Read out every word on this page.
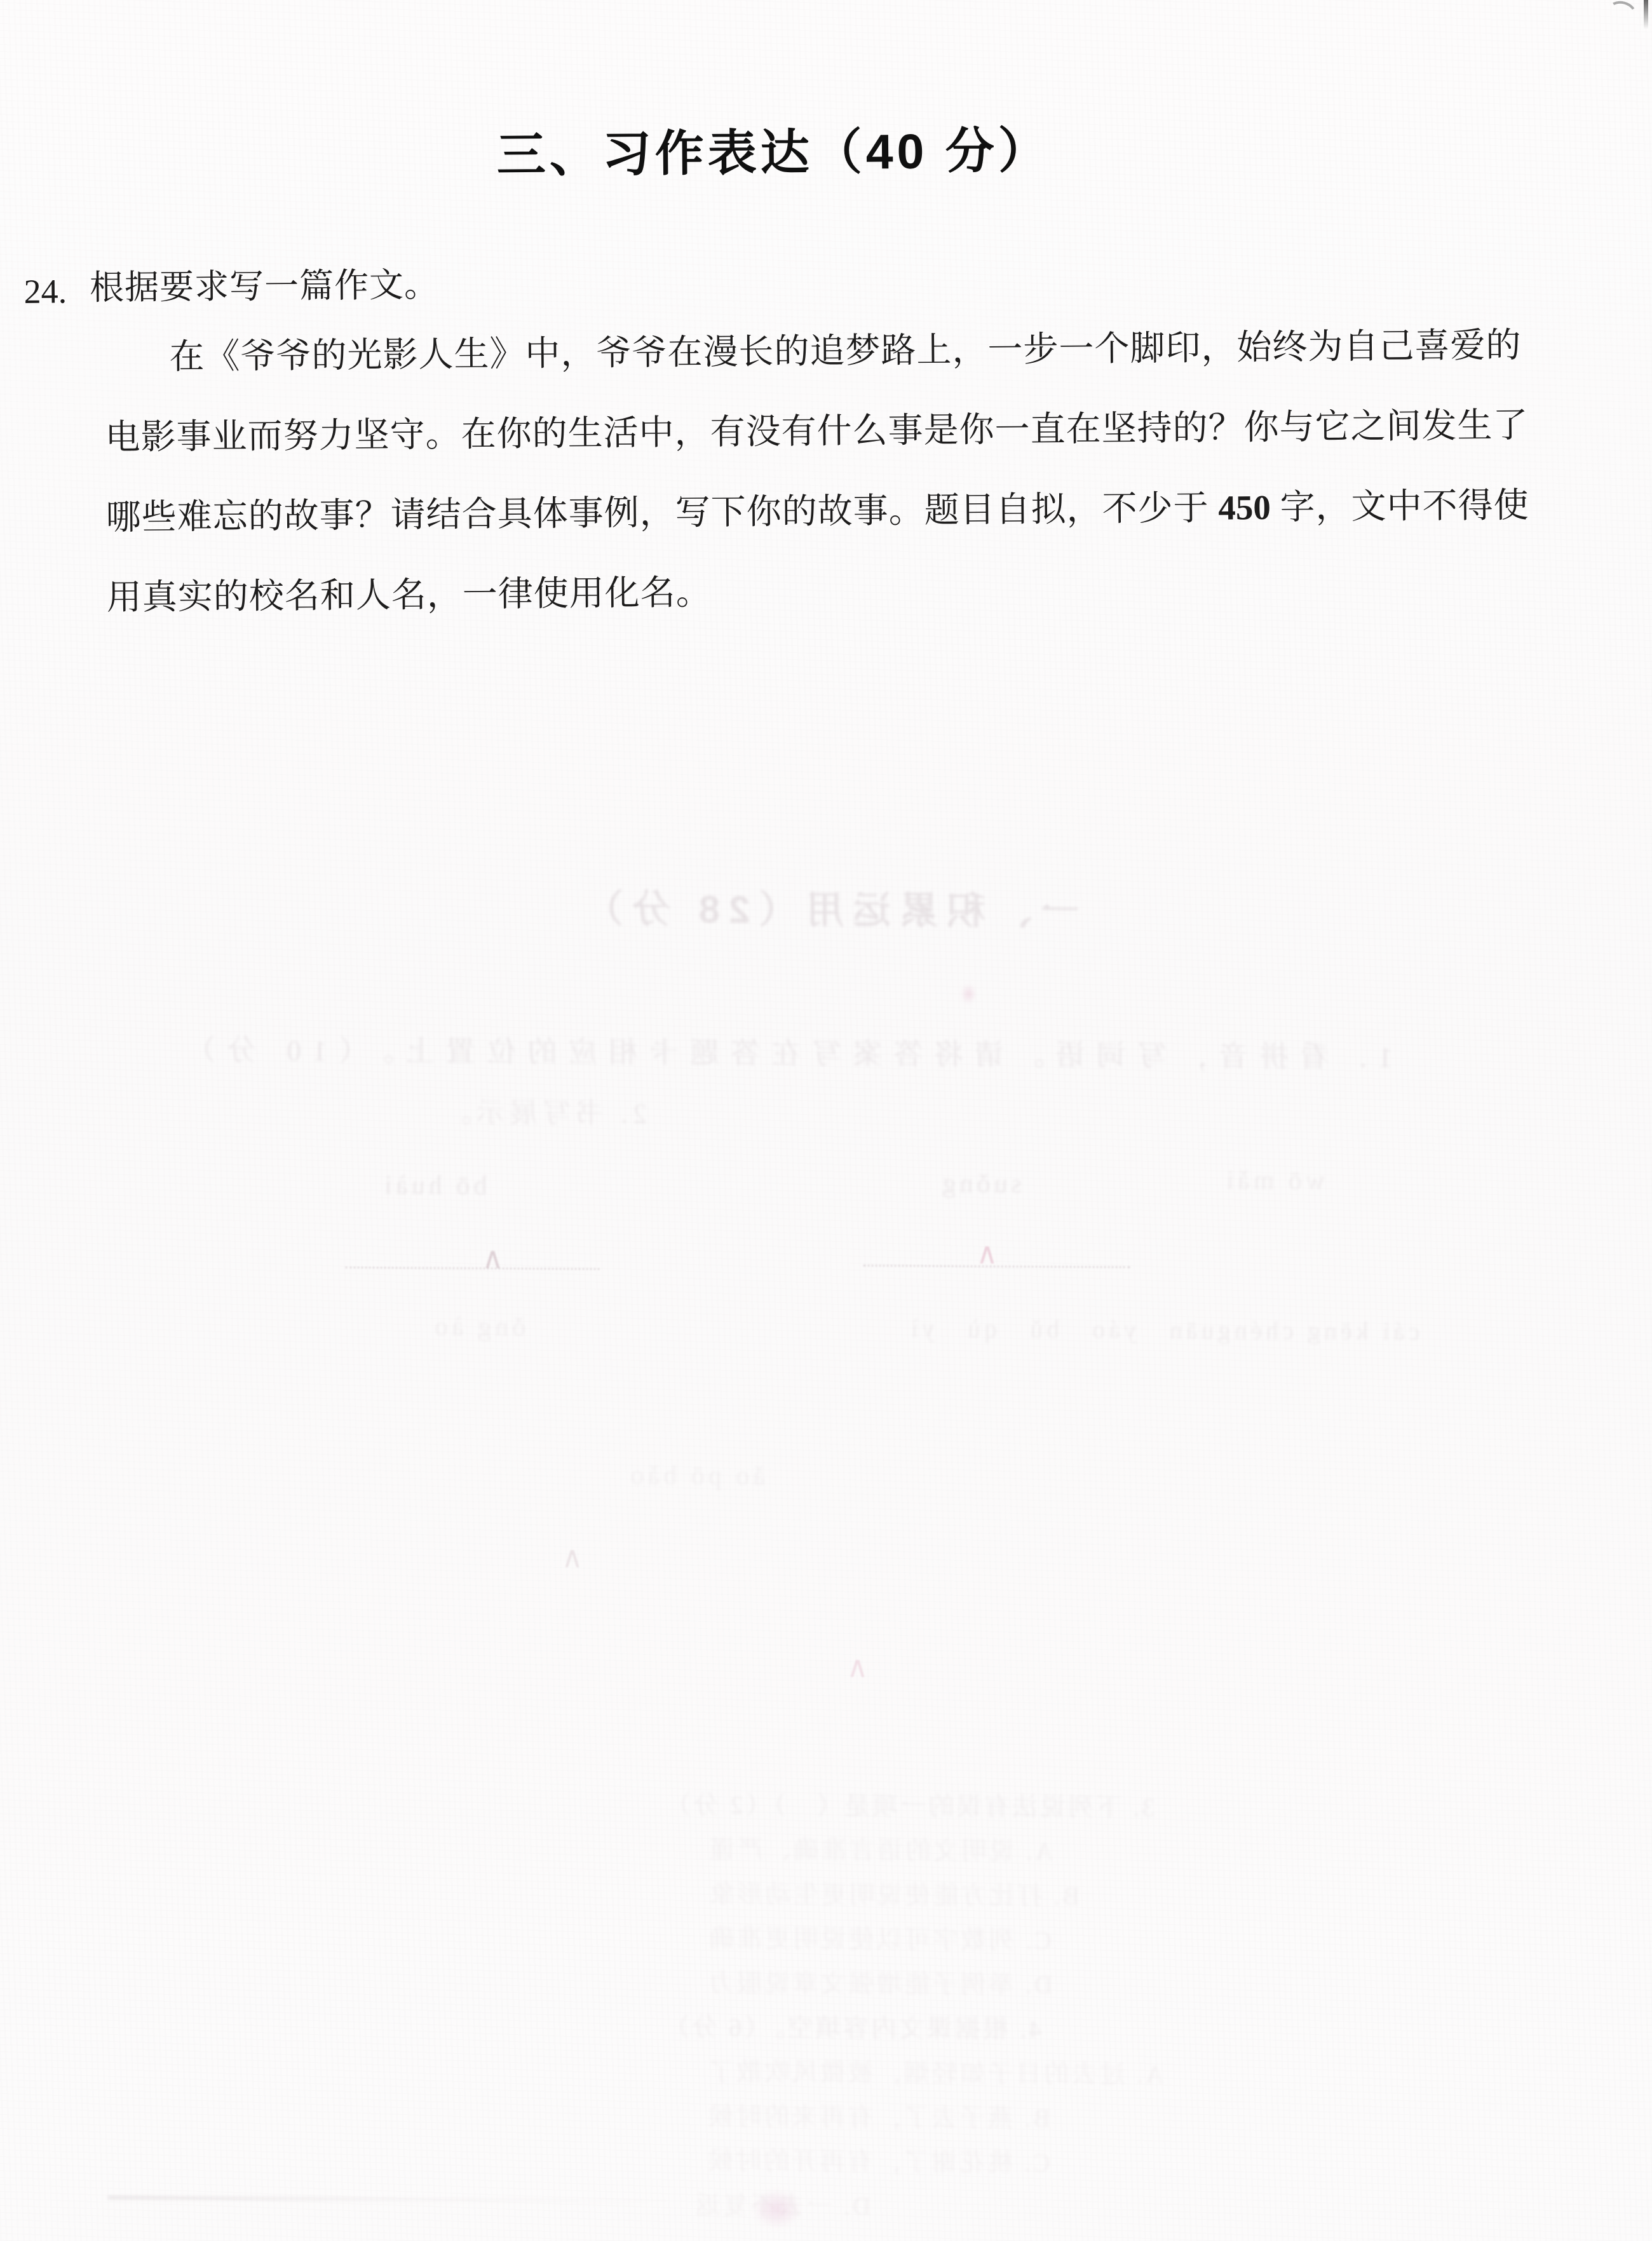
一、积累运用（28 分）
1. 看拼音，写词语。请将答案写在答题卡相应的位置上。（10 分）
2. 书写展示。
bō huài	suǒng	wō mǎi
∧	∧
cái kēng chénguān　yáo　bǔ　qù　yì
ǒng ào
ǎo pō bǎo
∧
∧
3. 下列说法有误的一项是（　）（2 分）
A. 说明文的语言准确、严谨
B. 打比方能使说明更生动形象
C. 列数字可以使说明更准确
D. 举例子能增强文章说服力
4. 根据课文内容填空。（6 分）
A. 过去的日子如轻烟，被微风吹散了
B. 燕子去了，有再来的时候
C. 桃花谢了，有再开的时候
D. 一去不复返
三、习作表达（40 分）
24. 根据要求写一篇作文。
在《爷爷的光影人生》中，爷爷在漫长的追梦路上，一步一个脚印，始终为自己喜爱的
电影事业而努力坚守。在你的生活中，有没有什么事是你一直在坚持的？你与它之间发生了
哪些难忘的故事？请结合具体事例，写下你的故事。题目自拟，不少于 450 字，文中不得使
用真实的校名和人名，一律使用化名。
